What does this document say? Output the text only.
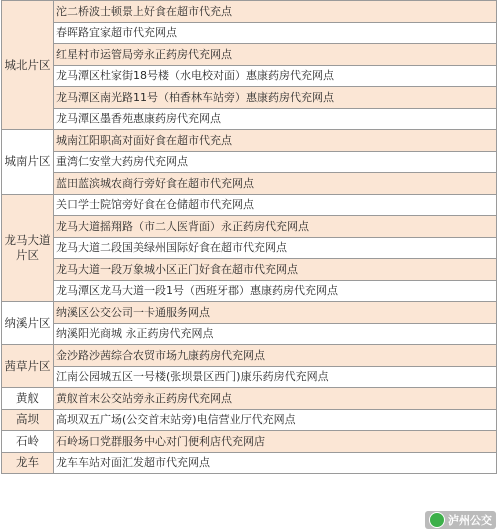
城北片区	沱二桥波士顿景上好食在超市代充点
	春晖路宜家超市代充网点
	红星村市运管局旁永正药房代充网点
	龙马潭区杜家街18号楼（水电校对面）惠康药房代充网点
	龙马潭区南光路11号（柏香林车站旁）惠康药房代充网点
	龙马潭区墨香苑惠康药房代充网点
城南片区	城南江阳职高对面好食在超市代充点
	重湾仁安堂大药房代充网点
	蓝田蓝滨城农商行旁好食在超市代充网点
龙马大道片区	关口学士院馆旁好食在仓储超市代充网点
	龙马大道摇翔路（市二人医背面）永正药房代充网点
	龙马大道二段国美绿州国际好食在超市代充网点
	龙马大道一段万象城小区正门好食在超市代充网点
	龙马潭区龙马大道一段1号（西班牙郡）惠康药房代充网点
纳溪片区	纳溪区公交公司一卡通服务网点
	纳溪阳光商城 永正药房代充网点
茜草片区	金沙路沙茜综合农贸市场九康药房代充网点
	江南公园城五区一号楼(张坝景区西门)康乐药房代充网点
黄舣	黄舣首末公交站旁永正药房代充网点
高坝	高坝双五广场(公交首末站旁)电信营业厅代充网点
石岭	石岭场口党群服务中心对门便利店代充网店
龙车	龙车车站对面汇发超市代充网点
泸州公交
